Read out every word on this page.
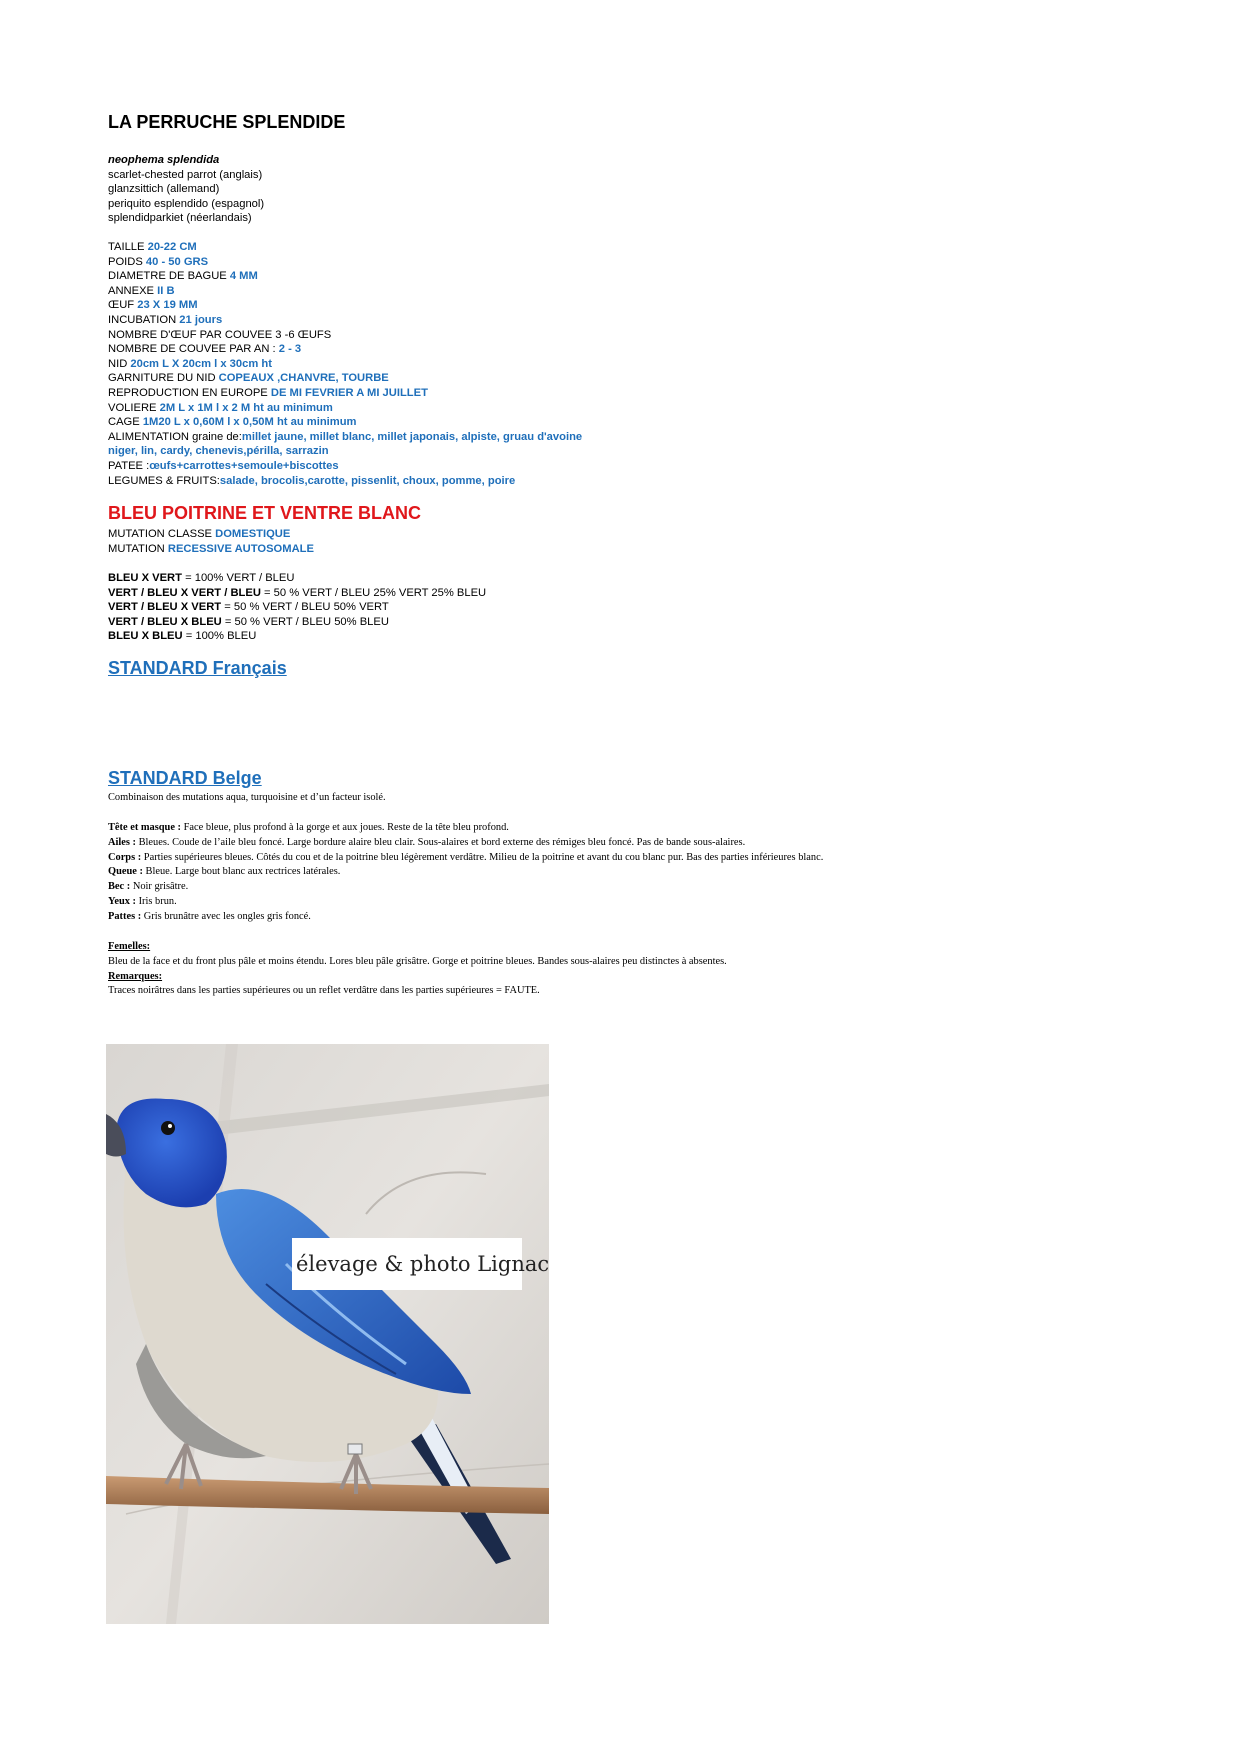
LA PERRUCHE SPLENDIDE
neophema splendida
scarlet-chested parrot (anglais)
glanzsittich (allemand)
periquito esplendido (espagnol)
splendidparkiet (néerlandais)
TAILLE 20-22 CM
POIDS 40 - 50 GRS
DIAMETRE DE BAGUE 4 MM
ANNEXE II B
ŒUF 23 X 19 MM
INCUBATION 21 jours
NOMBRE D'ŒUF PAR COUVEE 3 -6 ŒUFS
NOMBRE DE COUVEE PAR AN : 2 - 3
NID 20cm L X 20cm l x 30cm ht
GARNITURE DU NID COPEAUX ,CHANVRE, TOURBE
REPRODUCTION EN EUROPE DE MI FEVRIER A MI JUILLET
VOLIERE 2M L x 1M l x 2 M ht au minimum
CAGE 1M20 L x 0,60M l x 0,50M ht au minimum
ALIMENTATION graine de:millet jaune, millet blanc, millet japonais, alpiste, gruau d'avoine
niger, lin, cardy, chenevis,périlla, sarrazin
PATEE :œufs+carrottes+semoule+biscottes
LEGUMES & FRUITS:salade, brocolis,carotte, pissenlit, choux, pomme, poire
BLEU POITRINE ET VENTRE BLANC
MUTATION CLASSE DOMESTIQUE
MUTATION RECESSIVE AUTOSOMALE
BLEU X VERT = 100% VERT / BLEU
VERT / BLEU X VERT / BLEU = 50 % VERT / BLEU 25% VERT 25% BLEU
VERT / BLEU X VERT = 50 % VERT / BLEU 50% VERT
VERT / BLEU X BLEU = 50 % VERT / BLEU 50% BLEU
BLEU X BLEU = 100% BLEU
STANDARD Français
STANDARD Belge
Combinaison des mutations aqua, turquoisine et d’un facteur isolé.
Tête et masque : Face bleue, plus profond à la gorge et aux joues. Reste de la tête bleu profond.
Ailes : Bleues. Coude de l’aile bleu foncé. Large bordure alaire bleu clair. Sous-alaires et bord externe des rémiges bleu foncé. Pas de bande sous-alaires.
Corps : Parties supérieures bleues. Côtés du cou et de la poitrine bleu légèrement verdâtre. Milieu de la poitrine et avant du cou blanc pur. Bas des parties inférieures blanc.
Queue : Bleue. Large bout blanc aux rectrices latérales.
Bec : Noir grisâtre.
Yeux : Iris brun.
Pattes : Gris brunâtre avec les ongles gris foncé.
Femelles:
Bleu de la face et du front plus pâle et moins étendu. Lores bleu pâle grisâtre. Gorge et poitrine bleues. Bandes sous-alaires peu distinctes à absentes.
Remarques:
Traces noirâtres dans les parties supérieures ou un reflet verdâtre dans les parties supérieures = FAUTE.
élevage & photo Lignac
